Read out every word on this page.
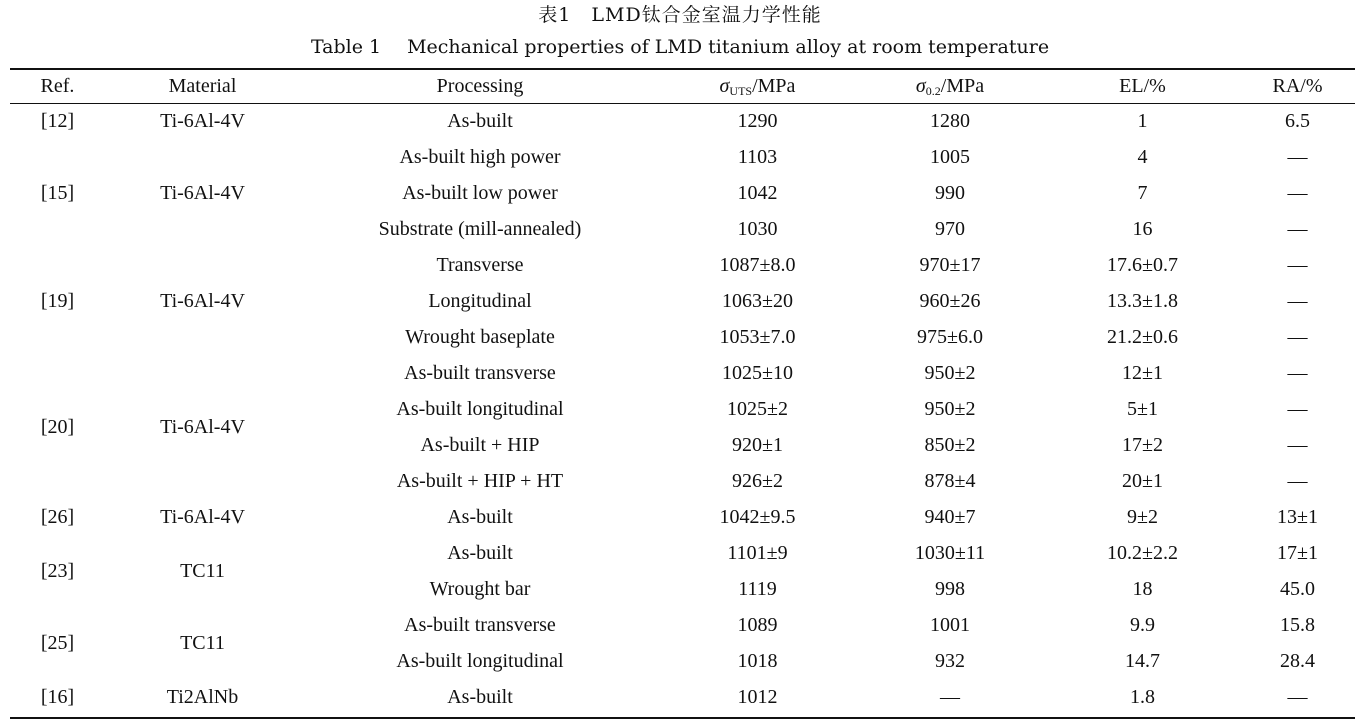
表1　LMD钛合金室温力学性能
Table 1 Mechanical properties of LMD titanium alloy at room temperature
Ref.	Material	Processing	$\sigma_{UTS}$/MPa	$\sigma_{0.2}$/MPa	EL/%	RA/%
[12]	Ti-6Al-4V	As-built	1290	1280	1	6.5
[15]	Ti-6Al-4V	As-built high power	1103	1005	4	—
		As-built low power	1042	990	7	—
		Substrate (mill-annealed)	1030	970	16	—
[19]	Ti-6Al-4V	Transverse	1087±8.0	970±17	17.6±0.7	—
		Longitudinal	1063±20	960±26	13.3±1.8	—
		Wrought baseplate	1053±7.0	975±6.0	21.2±0.6	—
[20]	Ti-6Al-4V	As-built transverse	1025±10	950±2	12±1	—
		As-built longitudinal	1025±2	950±2	5±1	—
		As-built + HIP	920±1	850±2	17±2	—
		As-built + HIP + HT	926±2	878±4	20±1	—
[26]	Ti-6Al-4V	As-built	1042±9.5	940±7	9±2	13±1
[23]	TC11	As-built	1101±9	1030±11	10.2±2.2	17±1
		Wrought bar	1119	998	18	45.0
[25]	TC11	As-built transverse	1089	1001	9.9	15.8
		As-built longitudinal	1018	932	14.7	28.4
[16]	Ti2AlNb	As-built	1012	—	1.8	—
